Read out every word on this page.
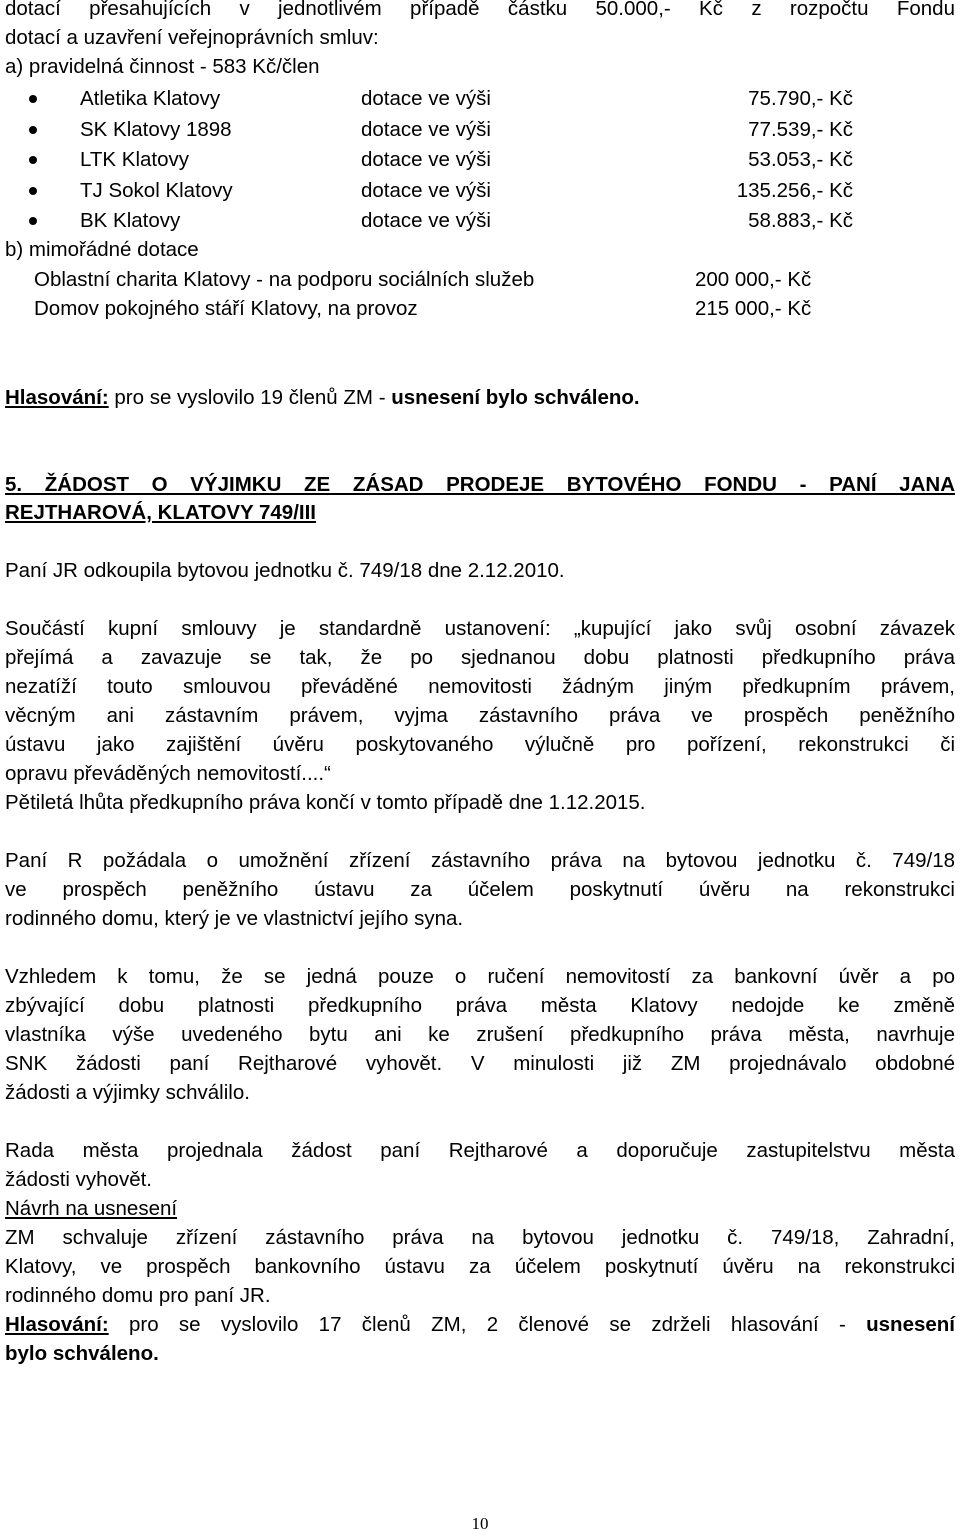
dotací přesahujících v jednotlivém případě částku 50.000,- Kč z rozpočtu Fondu
dotací a uzavření veřejnoprávních smluv:
a) pravidelná činnost - 583 Kč/člen
Atletika Klatovy	dotace ve výši	75.790,- Kč
SK Klatovy 1898	dotace ve výši	77.539,- Kč
LTK Klatovy	dotace ve výši	53.053,- Kč
TJ Sokol Klatovy	dotace ve výši	135.256,- Kč
BK Klatovy	dotace ve výši	58.883,- Kč
b) mimořádné dotace
Oblastní charita Klatovy - na podporu sociálních služeb	200 000,- Kč
Domov pokojného stáří Klatovy, na provoz	215 000,- Kč
Hlasování: pro se vyslovilo 19 členů ZM - usnesení bylo schváleno.
5. ŽÁDOST O VÝJIMKU ZE ZÁSAD PRODEJE BYTOVÉHO FONDU - PANÍ JANA
REJTHAROVÁ, KLATOVY 749/III
Paní JR odkoupila bytovou jednotku č. 749/18 dne 2.12.2010.
Součástí kupní smlouvy je standardně ustanovení: „kupující jako svůj osobní závazek
přejímá a zavazuje se tak, že po sjednanou dobu platnosti předkupního práva
nezatíží touto smlouvou převáděné nemovitosti žádným jiným předkupním právem,
věcným ani zástavním právem, vyjma zástavního práva ve prospěch peněžního
ústavu jako zajištění úvěru poskytovaného výlučně pro pořízení, rekonstrukci či
opravu převáděných nemovitostí....“
Pětiletá lhůta předkupního práva končí v tomto případě dne 1.12.2015.
Paní R požádala o umožnění zřízení zástavního práva na bytovou jednotku č. 749/18
ve prospěch peněžního ústavu za účelem poskytnutí úvěru na rekonstrukci
rodinného domu, který je ve vlastnictví jejího syna.
Vzhledem k tomu, že se jedná pouze o ručení nemovitostí za bankovní úvěr a po
zbývající dobu platnosti předkupního práva města Klatovy nedojde ke změně
vlastníka výše uvedeného bytu ani ke zrušení předkupního práva města, navrhuje
SNK žádosti paní Rejtharové vyhovět. V minulosti již ZM projednávalo obdobné
žádosti a výjimky schválilo.
Rada města projednala žádost paní Rejtharové a doporučuje zastupitelstvu města
žádosti vyhovět.
Návrh na usnesení
ZM schvaluje zřízení zástavního práva na bytovou jednotku č. 749/18, Zahradní,
Klatovy, ve prospěch bankovního ústavu za účelem poskytnutí úvěru na rekonstrukci
rodinného domu pro paní JR.
Hlasování: pro se vyslovilo 17 členů ZM, 2 členové se zdrželi hlasování - usnesení
bylo schváleno.
10
